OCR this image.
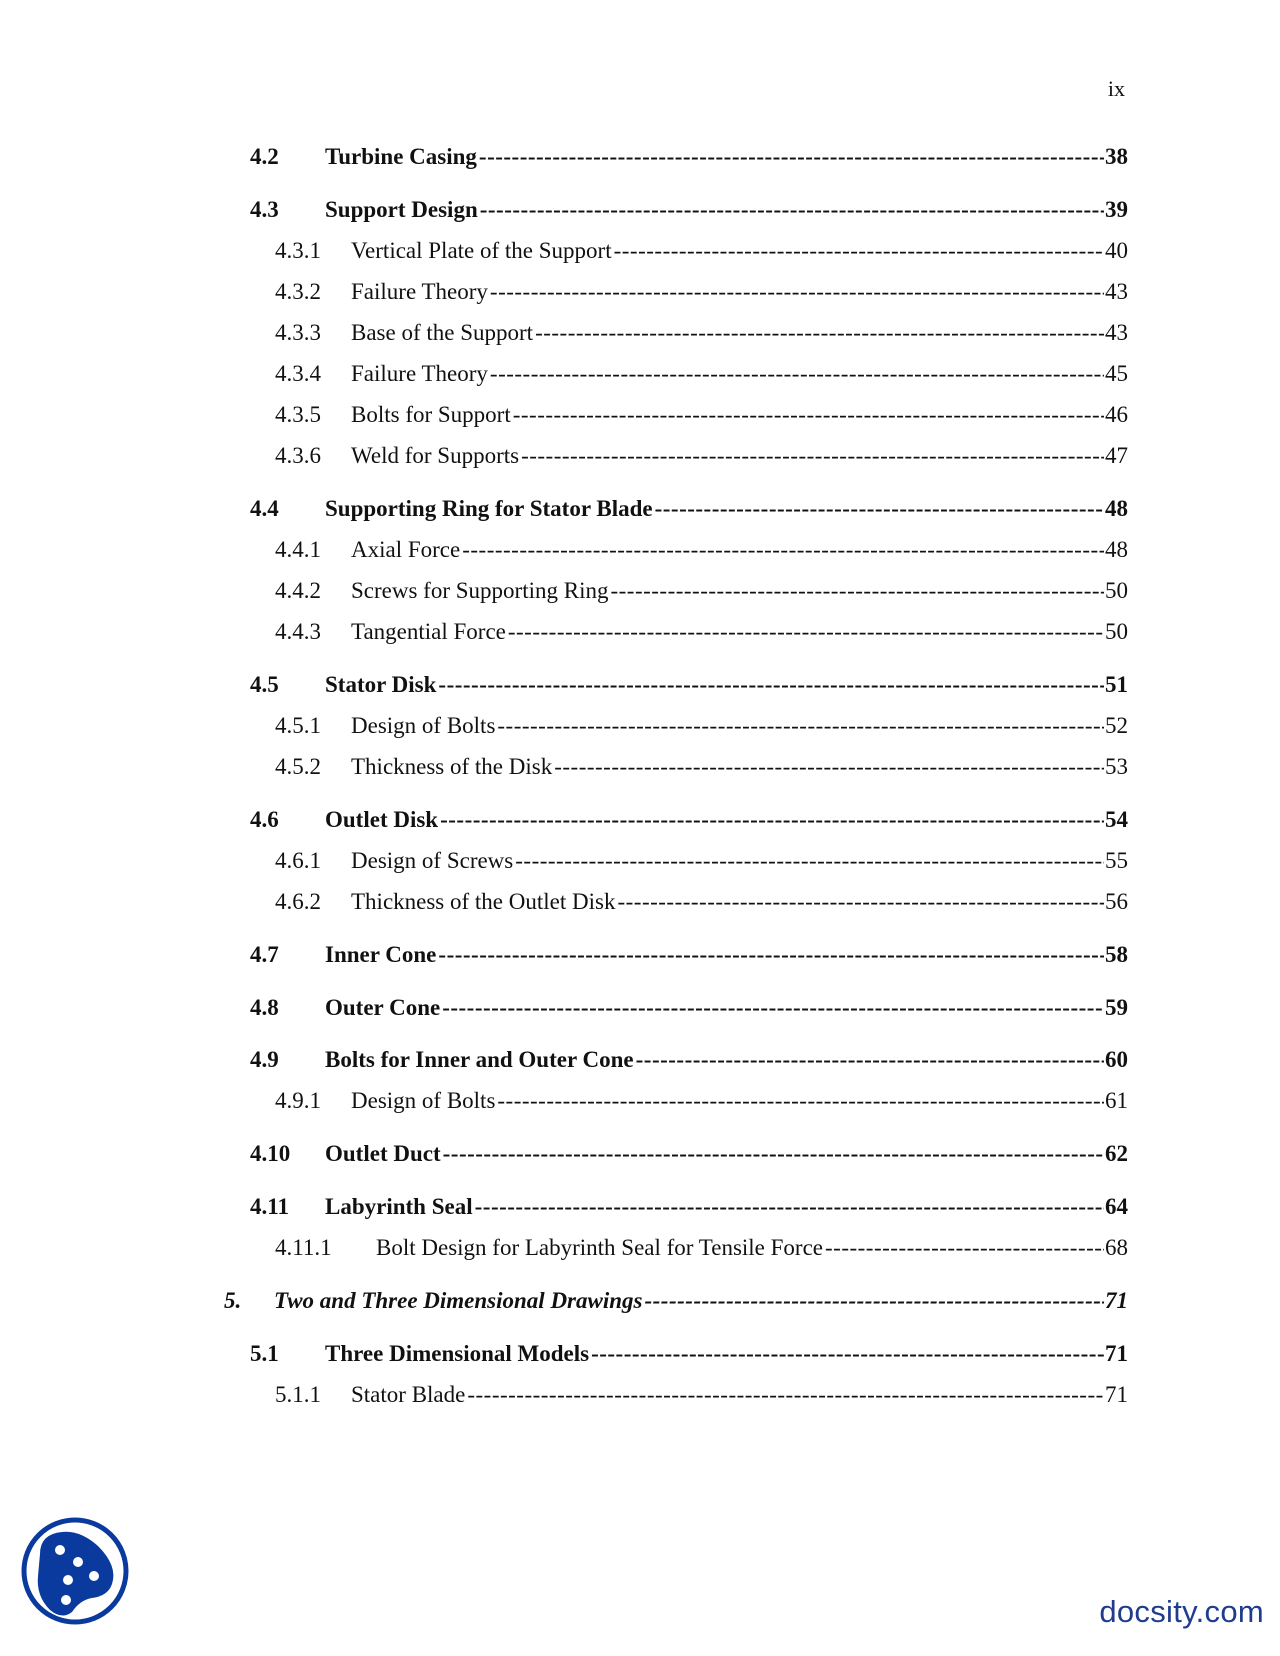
ix
4.2	Turbine Casing -----	38
4.3	Support Design -----	39
4.3.1	Vertical Plate of the Support -----	40
4.3.2	Failure Theory -----	43
4.3.3	Base of the Support -----	43
4.3.4	Failure Theory -----	45
4.3.5	Bolts for Support -----	46
4.3.6	Weld for Supports -----	47
4.4	Supporting Ring for Stator Blade -----	48
4.4.1	Axial Force -----	48
4.4.2	Screws for Supporting Ring -----	50
4.4.3	Tangential Force -----	50
4.5	Stator Disk -----	51
4.5.1	Design of Bolts -----	52
4.5.2	Thickness of the Disk -----	53
4.6	Outlet Disk -----	54
4.6.1	Design of Screws -----	55
4.6.2	Thickness of the Outlet Disk -----	56
4.7	Inner Cone -----	58
4.8	Outer Cone -----	59
4.9	Bolts for Inner and Outer Cone -----	60
4.9.1	Design of Bolts -----	61
4.10	Outlet Duct -----	62
4.11	Labyrinth Seal -----	64
4.11.1	Bolt Design for Labyrinth Seal for Tensile Force -----	68
5.	Two and Three Dimensional Drawings -----	71
5.1	Three Dimensional Models -----	71
5.1.1	Stator Blade -----	71
docsity.com
